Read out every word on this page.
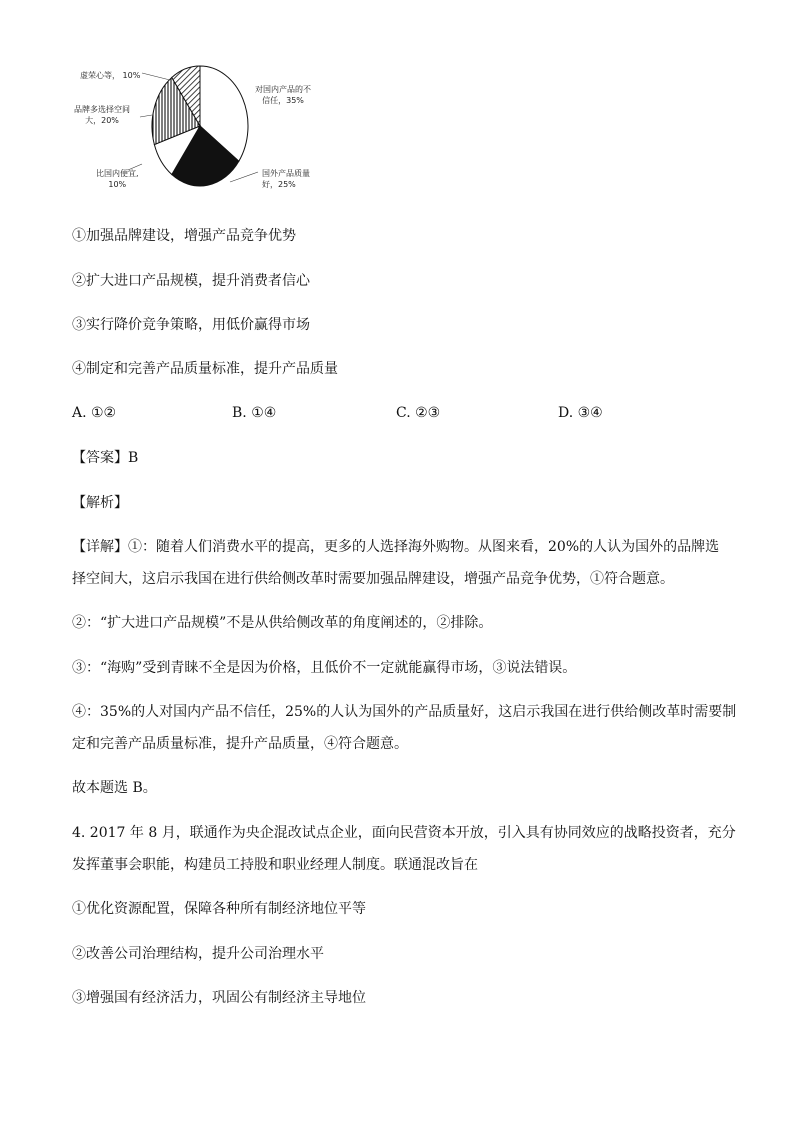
虚荣心等， 10%
品牌多选择空间
大，20%
比国内便宜,
10%
对国内产品的不
信任，35%
国外产品质量
好，25%
①加强品牌建设，增强产品竞争优势
②扩大进口产品规模，提升消费者信心
③实行降价竞争策略，用低价赢得市场
④制定和完善产品质量标准，提升产品质量
A. ①②	B. ①④	C. ②③	D. ③④
【答案】B
【解析】
【详解】①：随着人们消费水平的提高，更多的人选择海外购物。从图来看，20%的人认为国外的品牌选
择空间大，这启示我国在进行供给侧改革时需要加强品牌建设，增强产品竞争优势，①符合题意。
②：“扩大进口产品规模”不是从供给侧改革的角度阐述的，②排除。
③：“海购”受到青睐不全是因为价格，且低价不一定就能赢得市场，③说法错误。
④：35%的人对国内产品不信任，25%的人认为国外的产品质量好，这启示我国在进行供给侧改革时需要制
定和完善产品质量标准，提升产品质量，④符合题意。
故本题选 B。
4. 2017 年 8 月，联通作为央企混改试点企业，面向民营资本开放，引入具有协同效应的战略投资者，充分
发挥董事会职能，构建员工持股和职业经理人制度。联通混改旨在
①优化资源配置，保障各种所有制经济地位平等
②改善公司治理结构，提升公司治理水平
③增强国有经济活力，巩固公有制经济主导地位
